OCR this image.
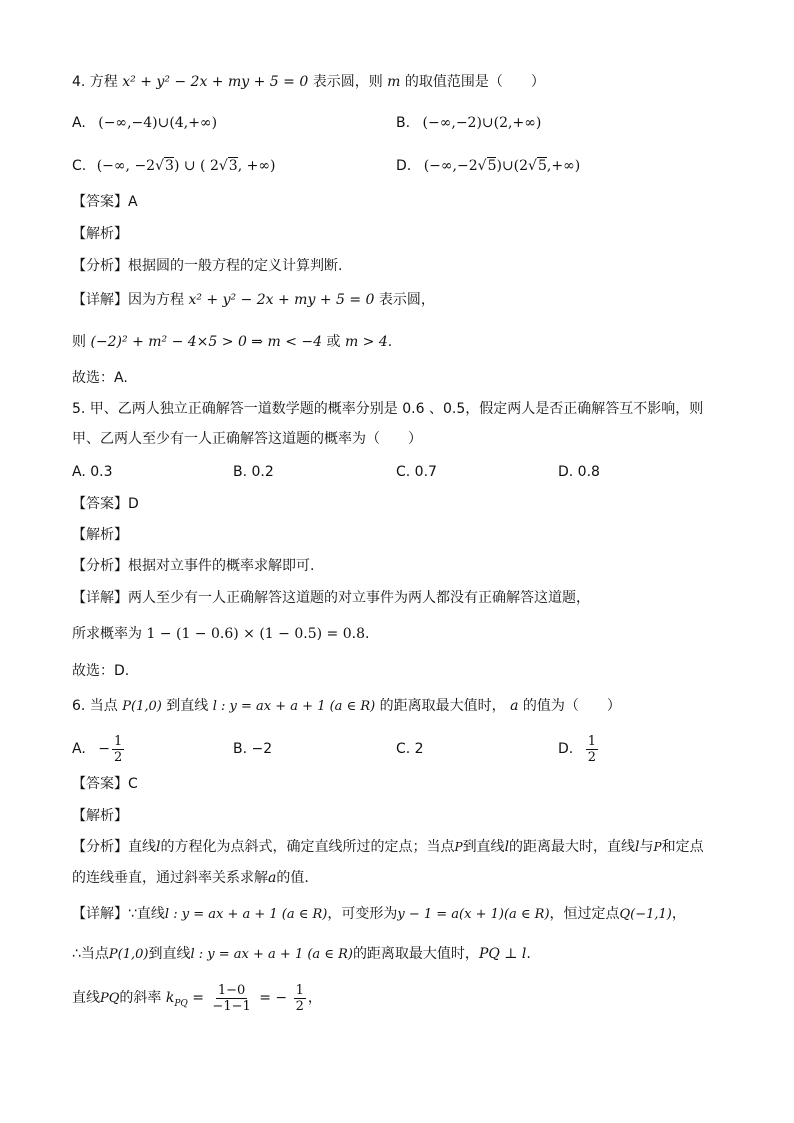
4. 方程 x² + y² − 2x + my + 5 = 0 表示圆，则 m 的取值范围是（　　）
A. (−∞,−4)∪(4,+∞)	B. (−∞,−2)∪(2,+∞)
C. (−∞, −2√3) ∪ ( 2√3, +∞)	D. (−∞,−2√5)∪(2√5,+∞)
【答案】A
【解析】
【分析】根据圆的一般方程的定义计算判断.
【详解】因为方程 x² + y² − 2x + my + 5 = 0 表示圆，
则 (−2)² + m² − 4×5 > 0 ⇒ m < −4 或 m > 4.
故选：A.
5. 甲、乙两人独立正确解答一道数学题的概率分别是 0.6 、0.5，假定两人是否正确解答互不影响，则
甲、乙两人至少有一人正确解答这道题的概率为（　　）
A. 0.3	B. 0.2	C. 0.7	D. 0.8
【答案】D
【解析】
【分析】根据对立事件的概率求解即可.
【详解】两人至少有一人正确解答这道题的对立事件为两人都没有正确解答这道题，
所求概率为 1 − (1 − 0.6) × (1 − 0.5) = 0.8.
故选：D.
6. 当点 P(1,0) 到直线 l : y = ax + a + 1 (a ∈ R) 的距离取最大值时， a 的值为（　　）
A. − $\frac{1}{2}$	B. −2	C. 2	D. $\frac{1}{2}$
【答案】C
【解析】
【分析】直线l的方程化为点斜式，确定直线所过的定点；当点P到直线l的距离最大时，直线l与P和定点
的连线垂直，通过斜率关系求解a的值.
【详解】∵直线l : y = ax + a + 1 (a ∈ R)，可变形为y − 1 = a(x + 1)(a ∈ R)，恒过定点Q(−1,1)，
∴当点P(1,0)到直线l : y = ax + a + 1 (a ∈ R)的距离取最大值时，PQ ⊥ l.
直线PQ的斜率 $k_{PQ} = \frac{1-0}{-1-1}$ = − $\frac{1}{2}$ ，
